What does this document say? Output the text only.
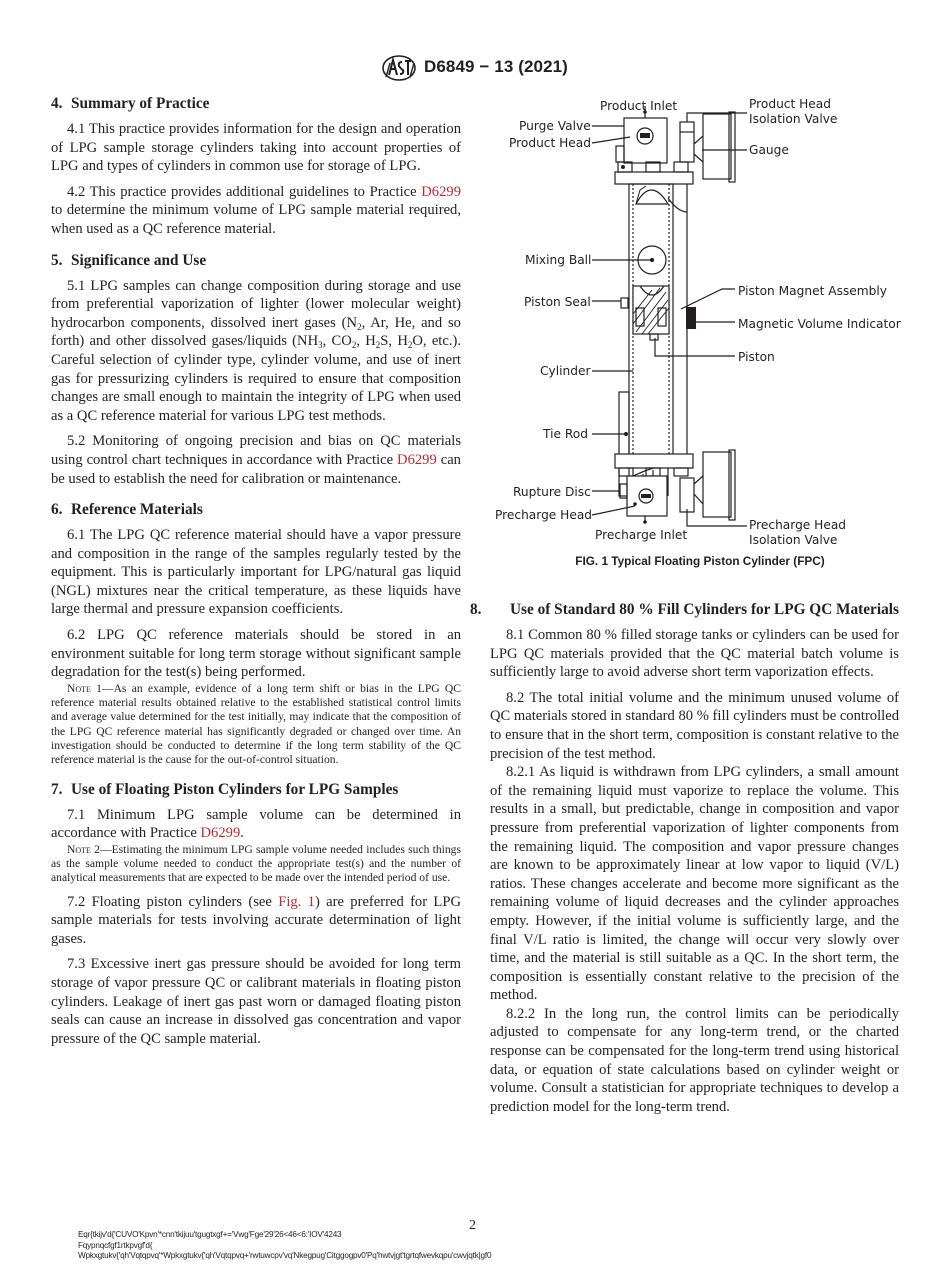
D6849 − 13 (2021)
4. Summary of Practice

4.1 This practice provides information for the design and operation of LPG sample storage cylinders taking into account properties of LPG and types of cylinders in common use for storage of LPG.

4.2 This practice provides additional guidelines to Practice D6299 to determine the minimum volume of LPG sample material required, when used as a QC reference material.

5. Significance and Use

5.1 LPG samples can change composition during storage and use from preferential vaporization of lighter (lower molecular weight) hydrocarbon components, dissolved inert gases ($N_2$, Ar, He, and so forth) and other dissolved gases/liquids ($NH_3$, $CO_2$, $H_2S$, $H_2O$, etc.). Careful selection of cylinder type, cylinder volume, and use of inert gas for pressurizing cylinders is required to ensure that composition changes are small enough to maintain the integrity of LPG when used as a QC reference material for various LPG test methods.

5.2 Monitoring of ongoing precision and bias on QC materials using control chart techniques in accordance with Practice D6299 can be used to establish the need for calibration or maintenance.

6. Reference Materials

6.1 The LPG QC reference material should have a vapor pressure and composition in the range of the samples regularly tested by the equipment. This is particularly important for LPG/natural gas liquid (NGL) mixtures near the critical temperature, as these liquids have large thermal and pressure expansion coefficients.

6.2 LPG QC reference materials should be stored in an environment suitable for long term storage without significant sample degradation for the test(s) being performed.

Note 1—As an example, evidence of a long term shift or bias in the LPG QC reference material results obtained relative to the established statistical control limits and average value determined for the test initially, may indicate that the composition of the LPG QC reference material has significantly degraded or changed over time. An investigation should be conducted to determine if the long term stability of the QC reference material is the cause for the out-of-control situation.

7. Use of Floating Piston Cylinders for LPG Samples

7.1 Minimum LPG sample volume can be determined in accordance with Practice D6299.

Note 2—Estimating the minimum LPG sample volume needed includes such things as the sample volume needed to conduct the appropriate test(s) and the number of analytical measurements that are expected to be made over the intended period of use.

7.2 Floating piston cylinders (see Fig. 1) are preferred for LPG sample materials for tests involving accurate determination of light gases.

7.3 Excessive inert gas pressure should be avoided for long term storage of vapor pressure QC or calibrant materials in floating piston cylinders. Leakage of inert gas past worn or damaged floating piston seals can cause an increase in dissolved gas concentration and vapor pressure of the QC sample material.

Product Inlet
Purge Valve
Product Head
Product Head
Isolation Valve
Gauge
Mixing Ball
Piston Seal
Piston Magnet Assembly
Magnetic Volume Indicator
Piston
Cylinder
Tie Rod
Rupture Disc
Precharge Head
Precharge Inlet
Precharge Head
Isolation Valve
FIG. 1 Typical Floating Piston Cylinder (FPC)
8. Use of Standard 80 % Fill Cylinders for LPG QC Materials

8.1 Common 80 % filled storage tanks or cylinders can be used for LPG QC materials provided that the QC material batch volume is sufficiently large to avoid adverse short term vaporization effects.

8.2 The total initial volume and the minimum unused volume of QC materials stored in standard 80 % fill cylinders must be controlled to ensure that in the short term, composition is constant relative to the precision of the test method.

8.2.1 As liquid is withdrawn from LPG cylinders, a small amount of the remaining liquid must vaporize to replace the volume. This results in a small, but predictable, change in composition and vapor pressure from preferential vaporization of lighter components from the remaining liquid. The composition and vapor pressure changes are known to be approximately linear at low vapor to liquid (V/L) ratios. These changes accelerate and become more significant as the remaining volume of liquid decreases and the cylinder approaches empty. However, if the initial volume is sufficiently large, and the final V/L ratio is limited, the change will occur very slowly over time, and the material is still suitable as a QC. In the short term, the composition is essentially constant relative to the precision of the method.

8.2.2 In the long run, the control limits can be periodically adjusted to compensate for any long-term trend, or the charted response can be compensated for the long-term trend using historical data, or equation of state calculations based on cylinder weight or volume. Consult a statistician for appropriate techniques to develop a prediction model for the long-term trend.

2
Eqr{tkijv'd{'CUVO'Kpvn'*cnn'tkijuu'tgugtxgf+='Vwg'Fge'29'26<46<6:'IOV'4243
Fqypnqcfgf1rtkpvgf'd{
Wpkxgtukv{'qh'Vqtqpvq'*Wpkxgtukv{'qh'Vqtqpvq+'rwtuwcpv'vq'Nkegpug'Citggogpv0'Pq'hwtvjgt'tgrtqfwevkqpu'cwvjqtk|gf0
